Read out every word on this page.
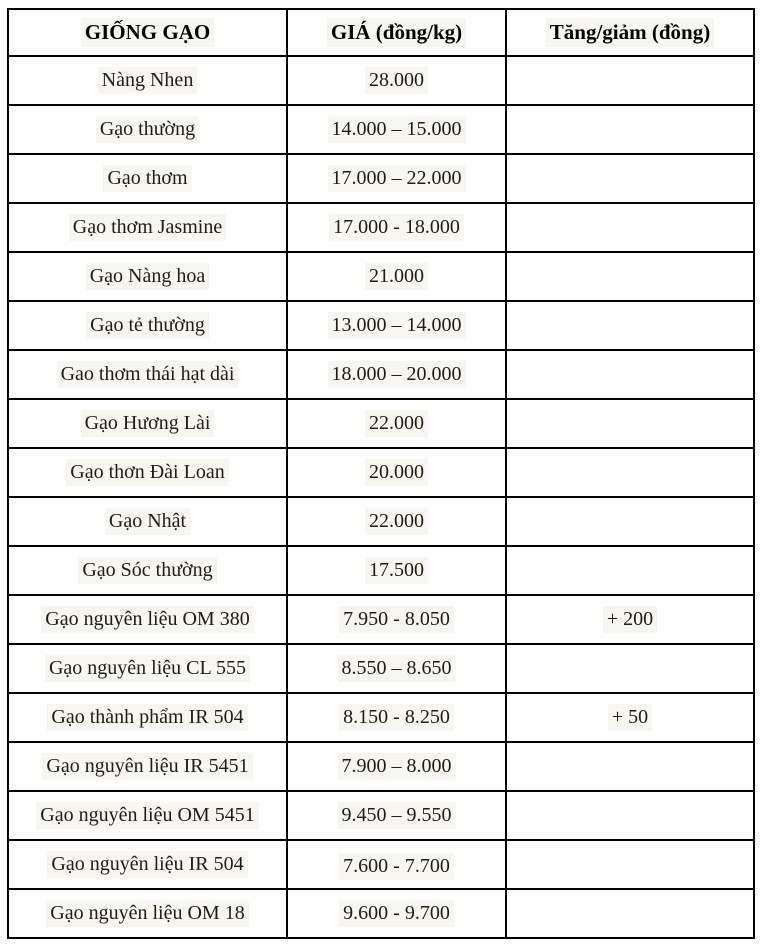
GIỐNG GẠO	GIÁ (đồng/kg)	Tăng/giảm (đồng)
Nàng Nhen	28.000	
Gạo thường	14.000 – 15.000	
Gạo thơm	17.000 – 22.000	
Gạo thơm Jasmine	17.000 - 18.000	
Gạo Nàng hoa	21.000	
Gạo tẻ thường	13.000 – 14.000	
Gao thơm thái hạt dài	18.000 – 20.000	
Gạo Hương Lài	22.000	
Gạo thơn Đài Loan	20.000	
Gạo Nhật	22.000	
Gạo Sóc thường	17.500	
Gạo nguyên liệu OM 380	7.950 - 8.050	+ 200
Gạo nguyên liệu CL 555	8.550 – 8.650	
Gạo thành phẩm IR 504	8.150 - 8.250	+ 50
Gạo nguyên liệu IR 5451	7.900 – 8.000	
Gạo nguyên liệu OM 5451	9.450 – 9.550	
Gạo nguyên liệu IR 504	7.600 - 7.700	
Gạo nguyên liệu OM 18	9.600 - 9.700	
